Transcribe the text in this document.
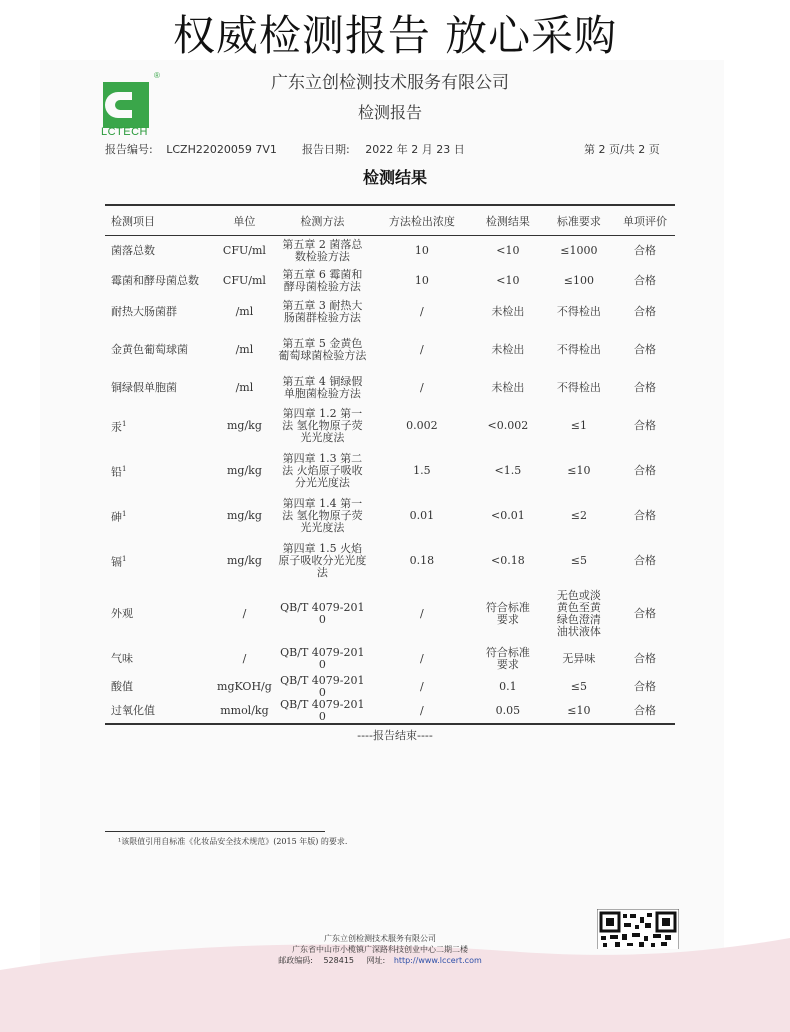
权威检测报告 放心采购
®
LCTECH
广东立创检测技术服务有限公司
检测报告
报告编号: LCZH22020059 7V1 报告日期: 2022 年 2 月 23 日	第 2 页/共 2 页
检测结果
检测项目	单位	检测方法	方法检出浓度	检测结果	标准要求	单项评价
菌落总数	CFU/ml	第五章 2 菌落总数检验方法	10	<10	≤1000	合格
霉菌和酵母菌总数	CFU/ml	第五章 6 霉菌和酵母菌检验方法	10	<10	≤100	合格
耐热大肠菌群	/ml	第五章 3 耐热大肠菌群检验方法	/	未检出	不得检出	合格
金黄色葡萄球菌	/ml	第五章 5 金黄色葡萄球菌检验方法	/	未检出	不得检出	合格
铜绿假单胞菌	/ml	第五章 4 铜绿假单胞菌检验方法	/	未检出	不得检出	合格
汞$^1$	mg/kg	第四章 1.2 第一法 氢化物原子荧光光度法	0.002	<0.002	≤1	合格
铅$^1$	mg/kg	第四章 1.3 第二法 火焰原子吸收分光光度法	1.5	<1.5	≤10	合格
砷$^1$	mg/kg	第四章 1.4 第一法 氢化物原子荧光光度法	0.01	<0.01	≤2	合格
镉$^1$	mg/kg	第四章 1.5 火焰原子吸收分光光度法	0.18	<0.18	≤5	合格
外观	/	QB/T 4079-2010	/	符合标准要求	无色或淡黄色至黄绿色澄清油状液体	合格
气味	/	QB/T 4079-2010	/	符合标准要求	无异味	合格
酸值	mgKOH/g	QB/T 4079-2010	/	0.1	≤5	合格
过氧化值	mmol/kg	QB/T 4079-2010	/	0.05	≤10	合格
----报告结束----
¹该限值引用自标准《化妆品安全技术规范》(2015 年版) 的要求.
广东立创检测技术服务有限公司
广东省中山市小榄镇广深路科技创业中心二期二楼
邮政编码: 528415 网址: http://www.lccert.com
